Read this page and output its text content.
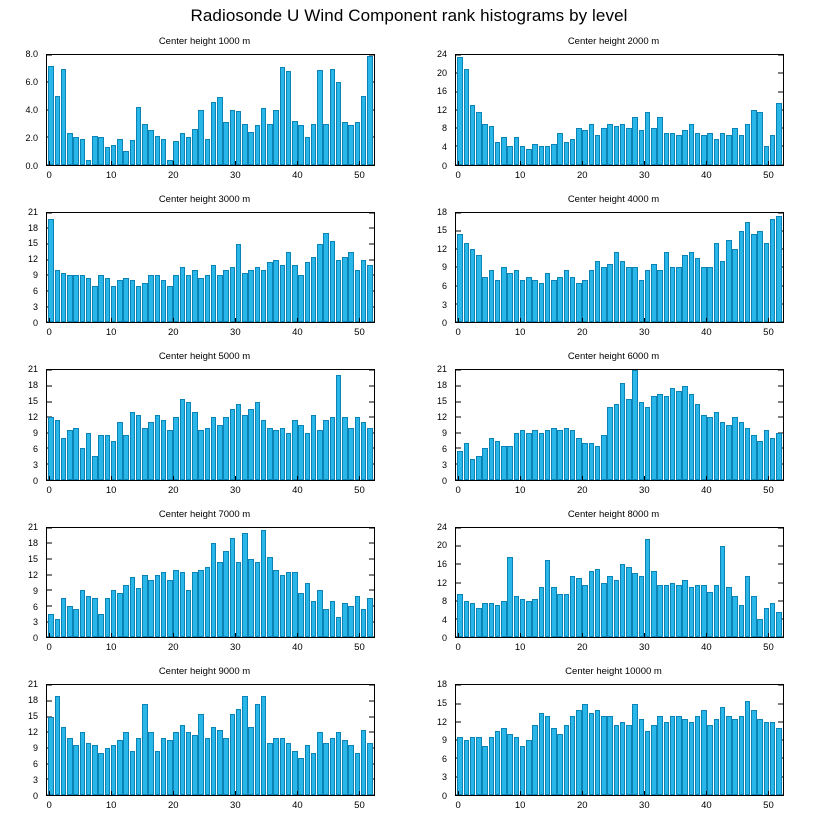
Radiosonde U Wind Component rank histograms by level
Center height 1000 m
0.0
2.0
4.0
6.0
8.0
0	10	20	30	40	50
Center height 2000 m
0
4
8
12
16
20
24
0	10	20	30	40	50
Center height 3000 m
0
3
6
9
12
15
18
21
0	10	20	30	40	50
Center height 4000 m
0
3
6
9
12
15
18
0	10	20	30	40	50
Center height 5000 m
0
3
6
9
12
15
18
21
0	10	20	30	40	50
Center height 6000 m
0
3
6
9
12
15
18
21
0	10	20	30	40	50
Center height 7000 m
0
3
6
9
12
15
18
21
0	10	20	30	40	50
Center height 8000 m
0
4
8
12
16
20
24
0	10	20	30	40	50
Center height 9000 m
0
3
6
9
12
15
18
21
0	10	20	30	40	50
Center height 10000 m
0
3
6
9
12
15
18
0	10	20	30	40	50
